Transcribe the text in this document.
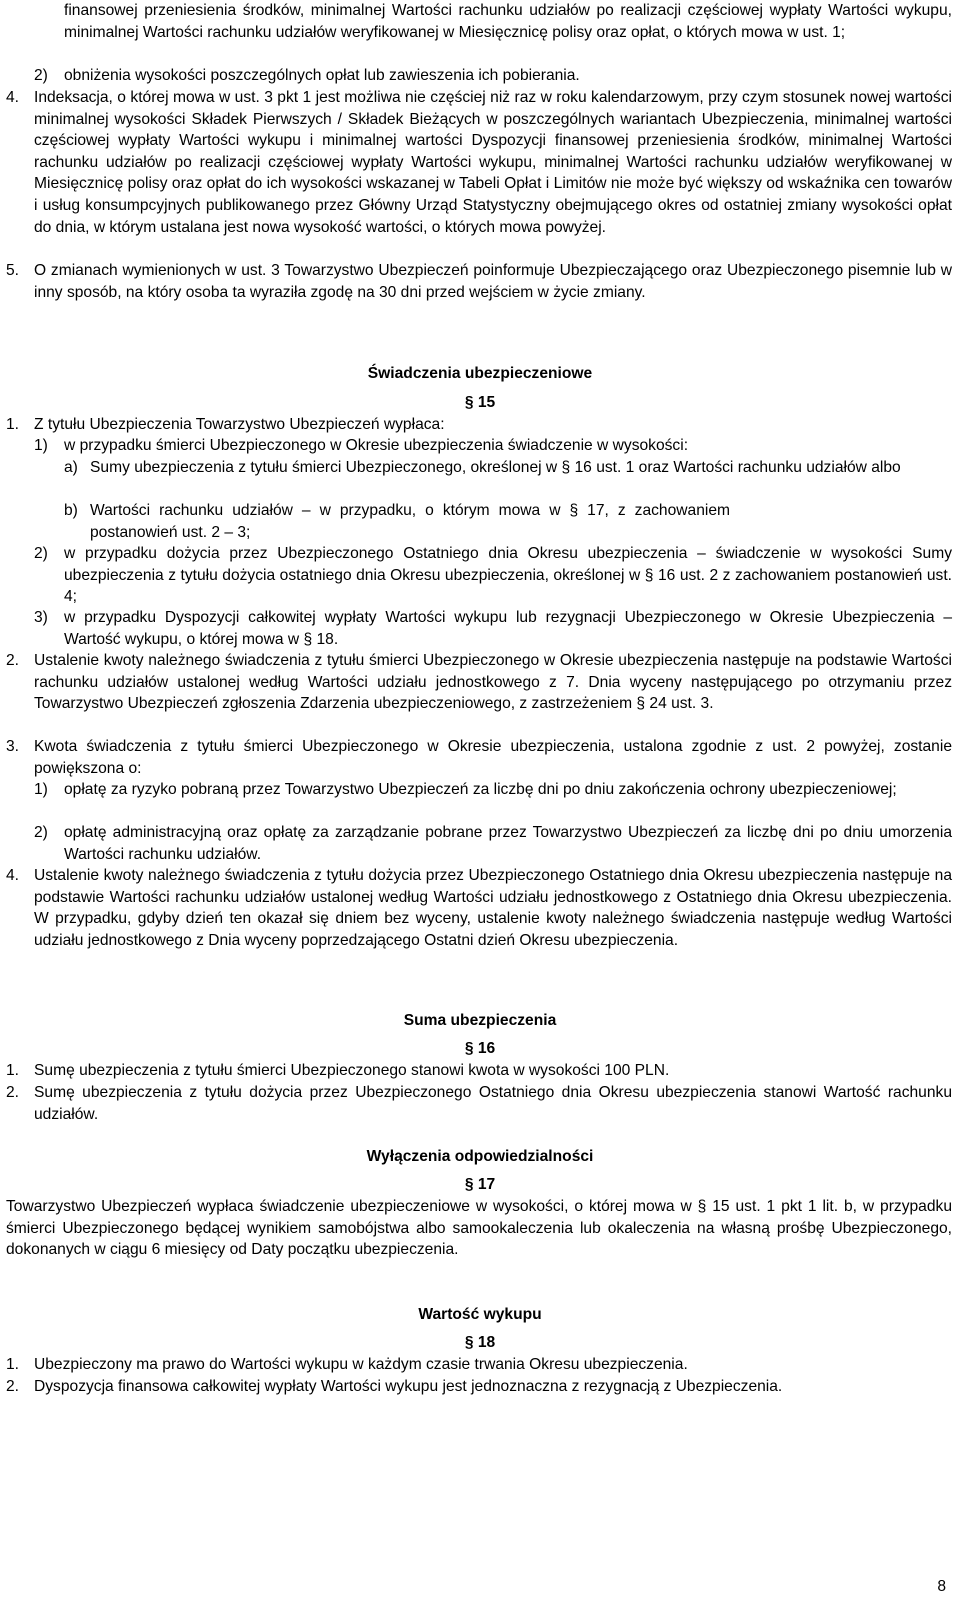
finansowej przeniesienia środków, minimalnej Wartości rachunku udziałów po realizacji częściowej wypłaty Wartości wykupu, minimalnej Wartości rachunku udziałów weryfikowanej w Miesięcznicę polisy oraz opłat, o których mowa w ust. 1;
2)	obniżenia wysokości poszczególnych opłat lub zawieszenia ich pobierania.
4. Indeksacja, o której mowa w ust. 3 pkt 1 jest możliwa nie częściej niż raz w roku kalendarzowym, przy czym stosunek nowej wartości minimalnej wysokości Składek Pierwszych / Składek Bieżących w poszczególnych wariantach Ubezpieczenia, minimalnej wartości częściowej wypłaty Wartości wykupu i minimalnej wartości Dyspozycji finansowej przeniesienia środków, minimalnej Wartości rachunku udziałów po realizacji częściowej wypłaty Wartości wykupu, minimalnej Wartości rachunku udziałów weryfikowanej w Miesięcznicę polisy oraz opłat do ich wysokości wskazanej w Tabeli Opłat i Limitów nie może być większy od wskaźnika cen towarów i usług konsumpcyjnych publikowanego przez Główny Urząd Statystyczny obejmującego okres od ostatniej zmiany wysokości opłat do dnia, w którym ustalana jest nowa wysokość wartości, o których mowa powyżej.
5. O zmianach wymienionych w ust. 3 Towarzystwo Ubezpieczeń poinformuje Ubezpieczającego oraz Ubezpieczonego pisemnie lub w inny sposób, na który osoba ta wyraziła zgodę na 30 dni przed wejściem w życie zmiany.
Świadczenia ubezpieczeniowe
§ 15
1. Z tytułu Ubezpieczenia Towarzystwo Ubezpieczeń wypłaca:
1)	w przypadku śmierci Ubezpieczonego w Okresie ubezpieczenia świadczenie w wysokości:
a) Sumy ubezpieczenia z tytułu śmierci Ubezpieczonego, określonej w § 16 ust. 1 oraz Wartości rachunku udziałów albo
b) Wartości rachunku udziałów – w przypadku, o którym mowa w § 17, z zachowaniem postanowień ust. 2 – 3;
2)	w przypadku dożycia przez Ubezpieczonego Ostatniego dnia Okresu ubezpieczenia – świadczenie w wysokości Sumy ubezpieczenia z tytułu dożycia ostatniego dnia Okresu ubezpieczenia, określonej w § 16 ust. 2 z zachowaniem postanowień ust. 4;
3)	w przypadku Dyspozycji całkowitej wypłaty Wartości wykupu lub rezygnacji Ubezpieczonego w Okresie Ubezpieczenia – Wartość wykupu, o której mowa w § 18.
2. Ustalenie kwoty należnego świadczenia z tytułu śmierci Ubezpieczonego w Okresie ubezpieczenia następuje na podstawie Wartości rachunku udziałów ustalonej według Wartości udziału jednostkowego z 7. Dnia wyceny następującego po otrzymaniu przez Towarzystwo Ubezpieczeń zgłoszenia Zdarzenia ubezpieczeniowego, z zastrzeżeniem § 24 ust. 3.
3. Kwota świadczenia z tytułu śmierci Ubezpieczonego w Okresie ubezpieczenia, ustalona zgodnie z ust. 2 powyżej, zostanie powiększona o:
1)	opłatę za ryzyko pobraną przez Towarzystwo Ubezpieczeń za liczbę dni po dniu zakończenia ochrony ubezpieczeniowej;
2)	opłatę administracyjną oraz opłatę za zarządzanie pobrane przez Towarzystwo Ubezpieczeń za liczbę dni po dniu umorzenia Wartości rachunku udziałów.
4. Ustalenie kwoty należnego świadczenia z tytułu dożycia przez Ubezpieczonego Ostatniego dnia Okresu ubezpieczenia następuje na podstawie Wartości rachunku udziałów ustalonej według Wartości udziału jednostkowego z Ostatniego dnia Okresu ubezpieczenia. W przypadku, gdyby dzień ten okazał się dniem bez wyceny, ustalenie kwoty należnego świadczenia następuje według Wartości udziału jednostkowego z Dnia wyceny poprzedzającego Ostatni dzień Okresu ubezpieczenia.
Suma ubezpieczenia
§ 16
1. Sumę ubezpieczenia z tytułu śmierci Ubezpieczonego stanowi kwota w wysokości 100 PLN.
2. Sumę ubezpieczenia z tytułu dożycia przez Ubezpieczonego Ostatniego dnia Okresu ubezpieczenia stanowi Wartość rachunku udziałów.
Wyłączenia odpowiedzialności
§ 17
Towarzystwo Ubezpieczeń wypłaca świadczenie ubezpieczeniowe w wysokości, o której mowa w § 15 ust. 1 pkt 1 lit. b, w przypadku śmierci Ubezpieczonego będącej wynikiem samobójstwa albo samookaleczenia lub okaleczenia na własną prośbę Ubezpieczonego, dokonanych w ciągu 6 miesięcy od Daty początku ubezpieczenia.
Wartość wykupu
§ 18
1. Ubezpieczony ma prawo do Wartości wykupu w każdym czasie trwania Okresu ubezpieczenia.
2. Dyspozycja finansowa całkowitej wypłaty Wartości wykupu jest jednoznaczna z rezygnacją z Ubezpieczenia.
8
